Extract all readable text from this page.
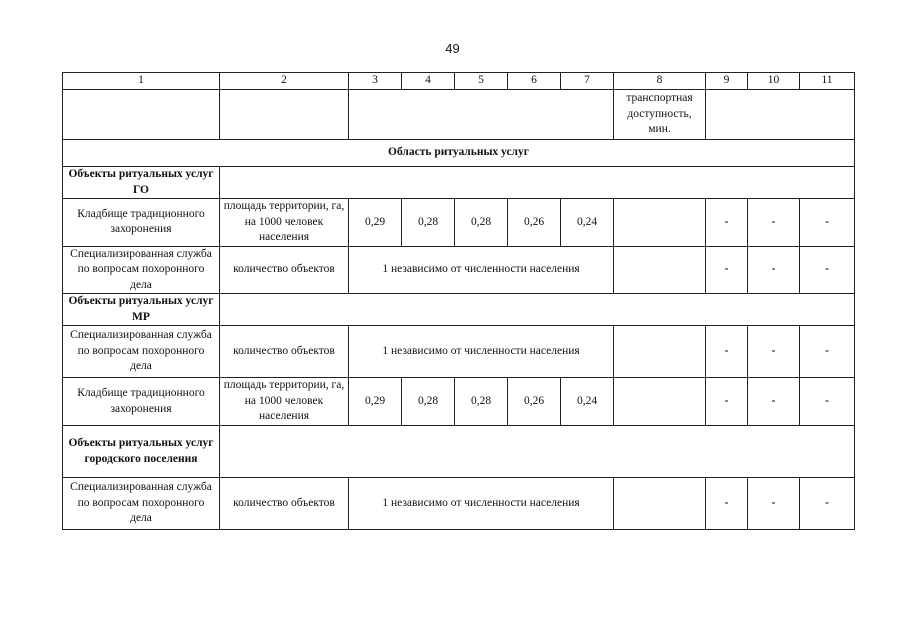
49
1	2	3	4	5	6	7	8	9	10	11
							транспортная доступность, мин.			
Область ритуальных услуг										
Объекты ритуальных услуг ГО										
Кладбище традиционного захоронения	площадь территории, га, на 1000 человек населения	0,29	0,28	0,28	0,26	0,24		-	-	-
Специализированная служба по вопросам похоронного дела	количество объектов	1 независимо от численности населения						-	-	-
Объекты ритуальных услуг МР										
Специализированная служба по вопросам похоронного дела	количество объектов	1 независимо от численности населения						-	-	-
Кладбище традиционного захоронения	площадь территории, га, на 1000 человек населения	0,29	0,28	0,28	0,26	0,24		-	-	-
Объекты ритуальных услуг городского поселения										
Специализированная служба по вопросам похоронного дела	количество объектов	1 независимо от численности населения						-	-	-
